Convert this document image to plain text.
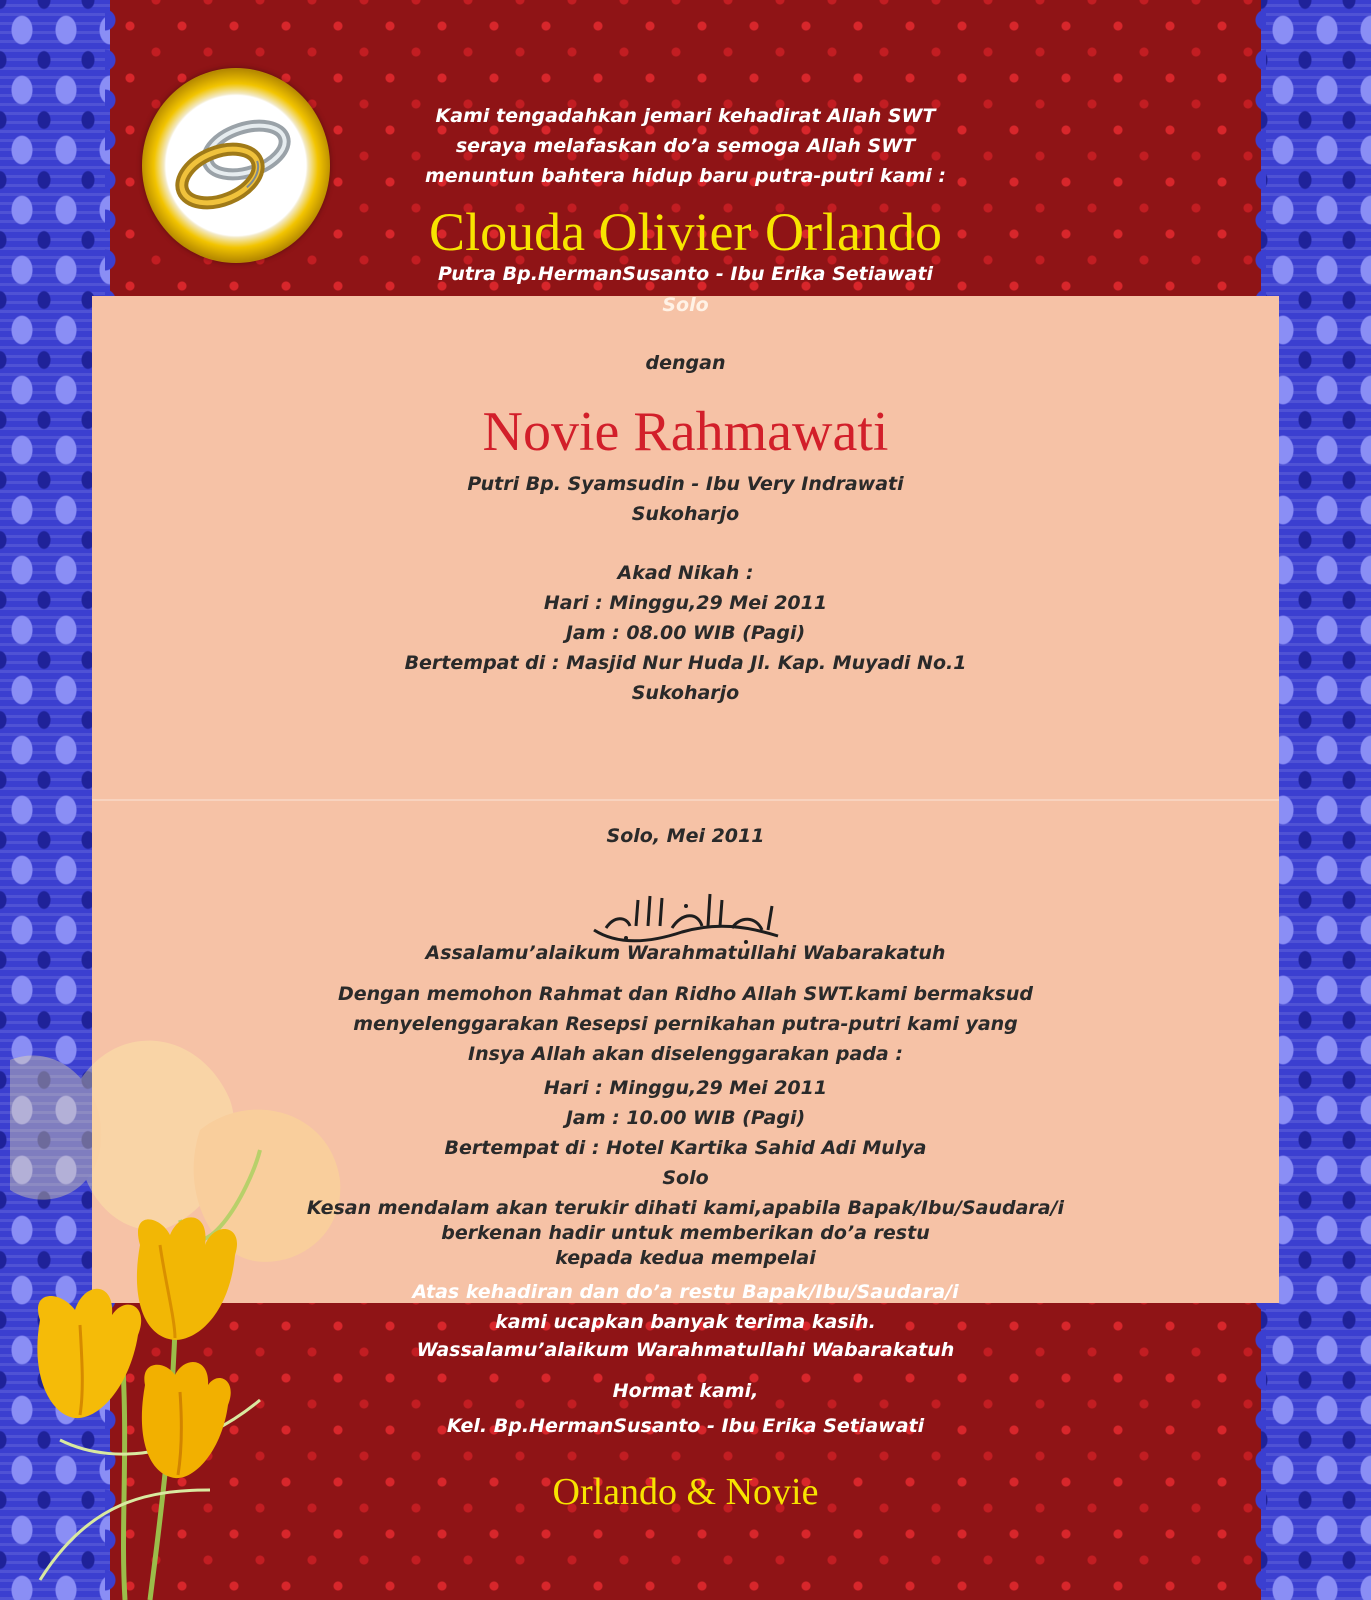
Kami tengadahkan jemari kehadirat Allah SWT

seraya melafaskan do’a semoga Allah SWT

menuntun bahtera hidup baru putra-putri kami :

Clouda Olivier Orlando

Putra Bp.HermanSusanto - Ibu Erika Setiawati

Solo

dengan

Novie Rahmawati

Putri Bp. Syamsudin - Ibu Very Indrawati

Sukoharjo

Akad Nikah :

Hari : Minggu,29 Mei 2011

Jam : 08.00 WIB (Pagi)

Bertempat di : Masjid Nur Huda Jl. Kap. Muyadi No.1

Sukoharjo

Solo, Mei 2011

Assalamu’alaikum Warahmatullahi Wabarakatuh

Dengan memohon Rahmat dan Ridho Allah SWT.kami bermaksud

menyelenggarakan Resepsi pernikahan putra-putri kami yang

Insya Allah akan diselenggarakan pada :

Hari : Minggu,29 Mei 2011

Jam : 10.00 WIB (Pagi)

Bertempat di : Hotel Kartika Sahid Adi Mulya

Solo

Kesan mendalam akan terukir dihati kami,apabila Bapak/Ibu/Saudara/i

berkenan hadir untuk memberikan do’a restu

kepada kedua mempelai

Atas kehadiran dan do’a restu Bapak/Ibu/Saudara/i

kami ucapkan banyak terima kasih.

Wassalamu’alaikum Warahmatullahi Wabarakatuh

Hormat kami,

Kel. Bp.HermanSusanto - Ibu Erika Setiawati

Orlando & Novie
